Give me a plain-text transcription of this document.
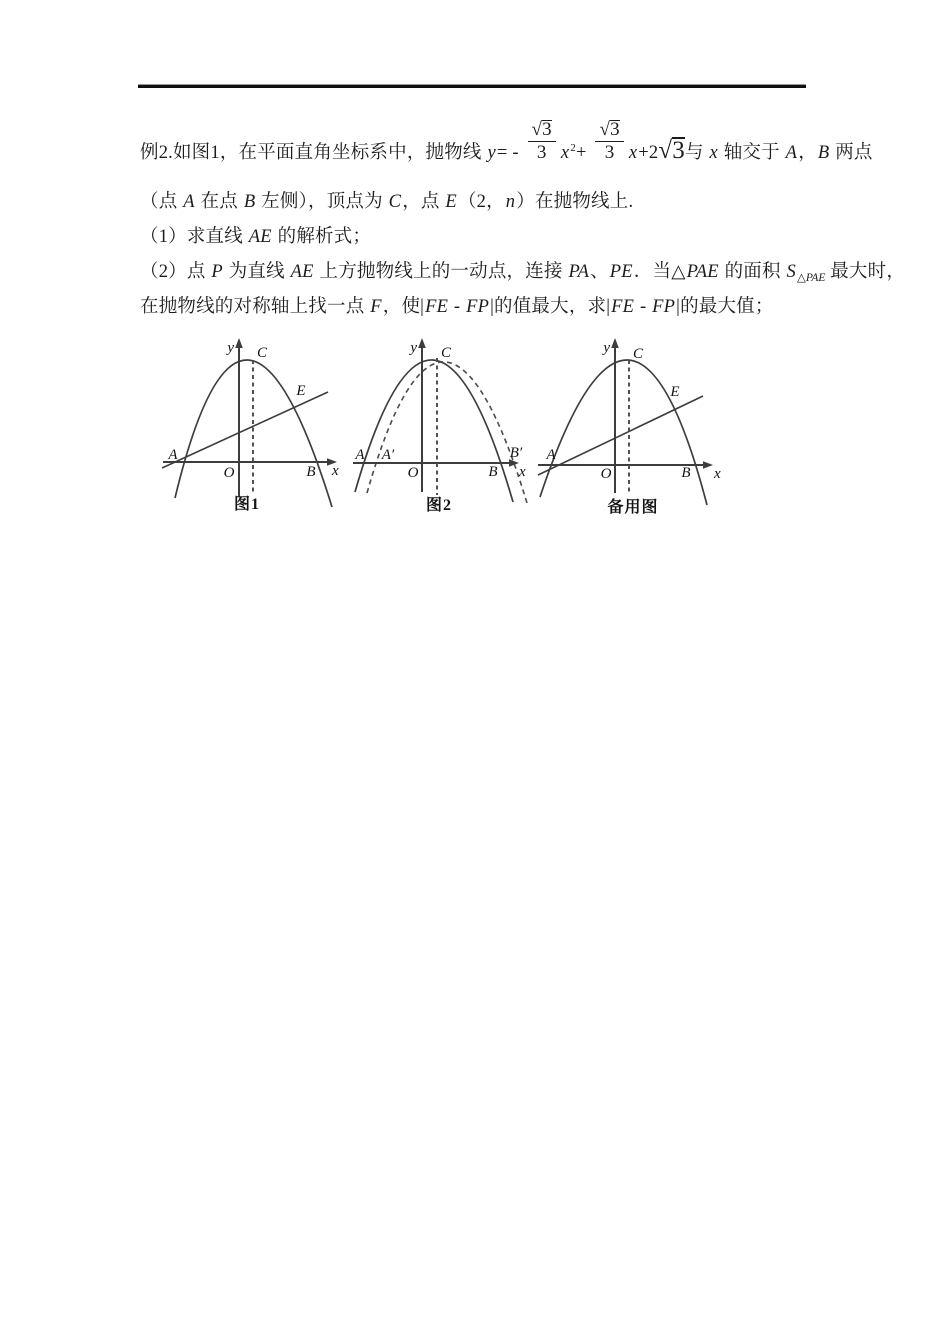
例2.如图1，在平面直角坐标系中，抛物线 $y= - \frac{√3}{3} x^2+ \frac{√3}{3} x+2√3$与 x 轴交于 A，B 两点
（点 A 在点 B 左侧），顶点为 C，点 E（2，n）在抛物线上.
（1）求直线 AE 的解析式；
（2）点 P 为直线 AE 上方抛物线上的一动点，连接 PA、PE．当△PAE 的面积 $S_{\triangle PAE}$ 最大时，
在抛物线的对称轴上找一点 F，使|FE - FP|的值最大，求|FE - FP|的最大值；
y C
E
A
O	B x
图1
y C
A A′
O	B
B′
x
图2
y C
E
A
O	B x
备用图
